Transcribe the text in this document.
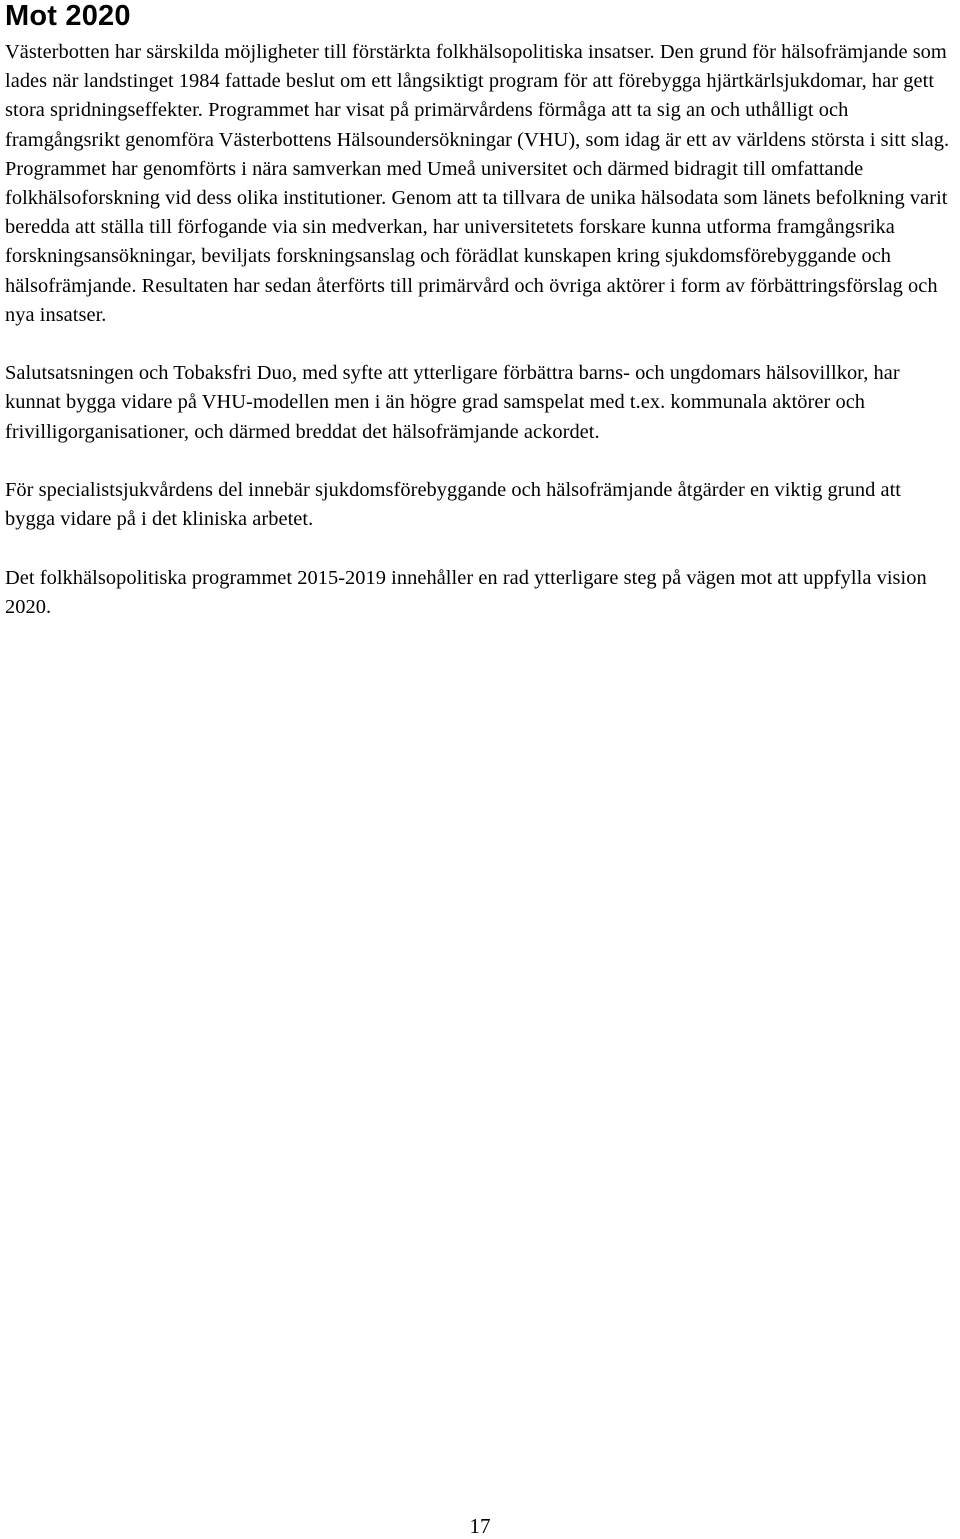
Mot 2020

Västerbotten har särskilda möjligheter till förstärkta folkhälsopolitiska insatser. Den grund för hälsofrämjande som lades när landstinget 1984 fattade beslut om ett långsiktigt program för att förebygga hjärtkärlsjukdomar, har gett stora spridningseffekter. Programmet har visat på primärvårdens förmåga att ta sig an och uthålligt och framgångsrikt genomföra Västerbottens Hälsoundersökningar (VHU), som idag är ett av världens största i sitt slag. Programmet har genomförts i nära samverkan med Umeå universitet och därmed bidragit till omfattande folkhälsoforskning vid dess olika institutioner. Genom att ta tillvara de unika hälsodata som länets befolkning varit beredda att ställa till förfogande via sin medverkan, har universitetets forskare kunna utforma framgångsrika forskningsansökningar, beviljats forskningsanslag och förädlat kunskapen kring sjukdomsförebyggande och hälsofrämjande. Resultaten har sedan återförts till primärvård och övriga aktörer i form av förbättringsförslag och nya insatser.

Salutsatsningen och Tobaksfri Duo, med syfte att ytterligare förbättra barns- och ungdomars hälsovillkor, har kunnat bygga vidare på VHU-modellen men i än högre grad samspelat med t.ex. kommunala aktörer och frivilligorganisationer, och därmed breddat det hälsofrämjande ackordet.

För specialistsjukvårdens del innebär sjukdomsförebyggande och hälsofrämjande åtgärder en viktig grund att bygga vidare på i det kliniska arbetet.

Det folkhälsopolitiska programmet 2015-2019 innehåller en rad ytterligare steg på vägen mot att uppfylla vision 2020.

17
